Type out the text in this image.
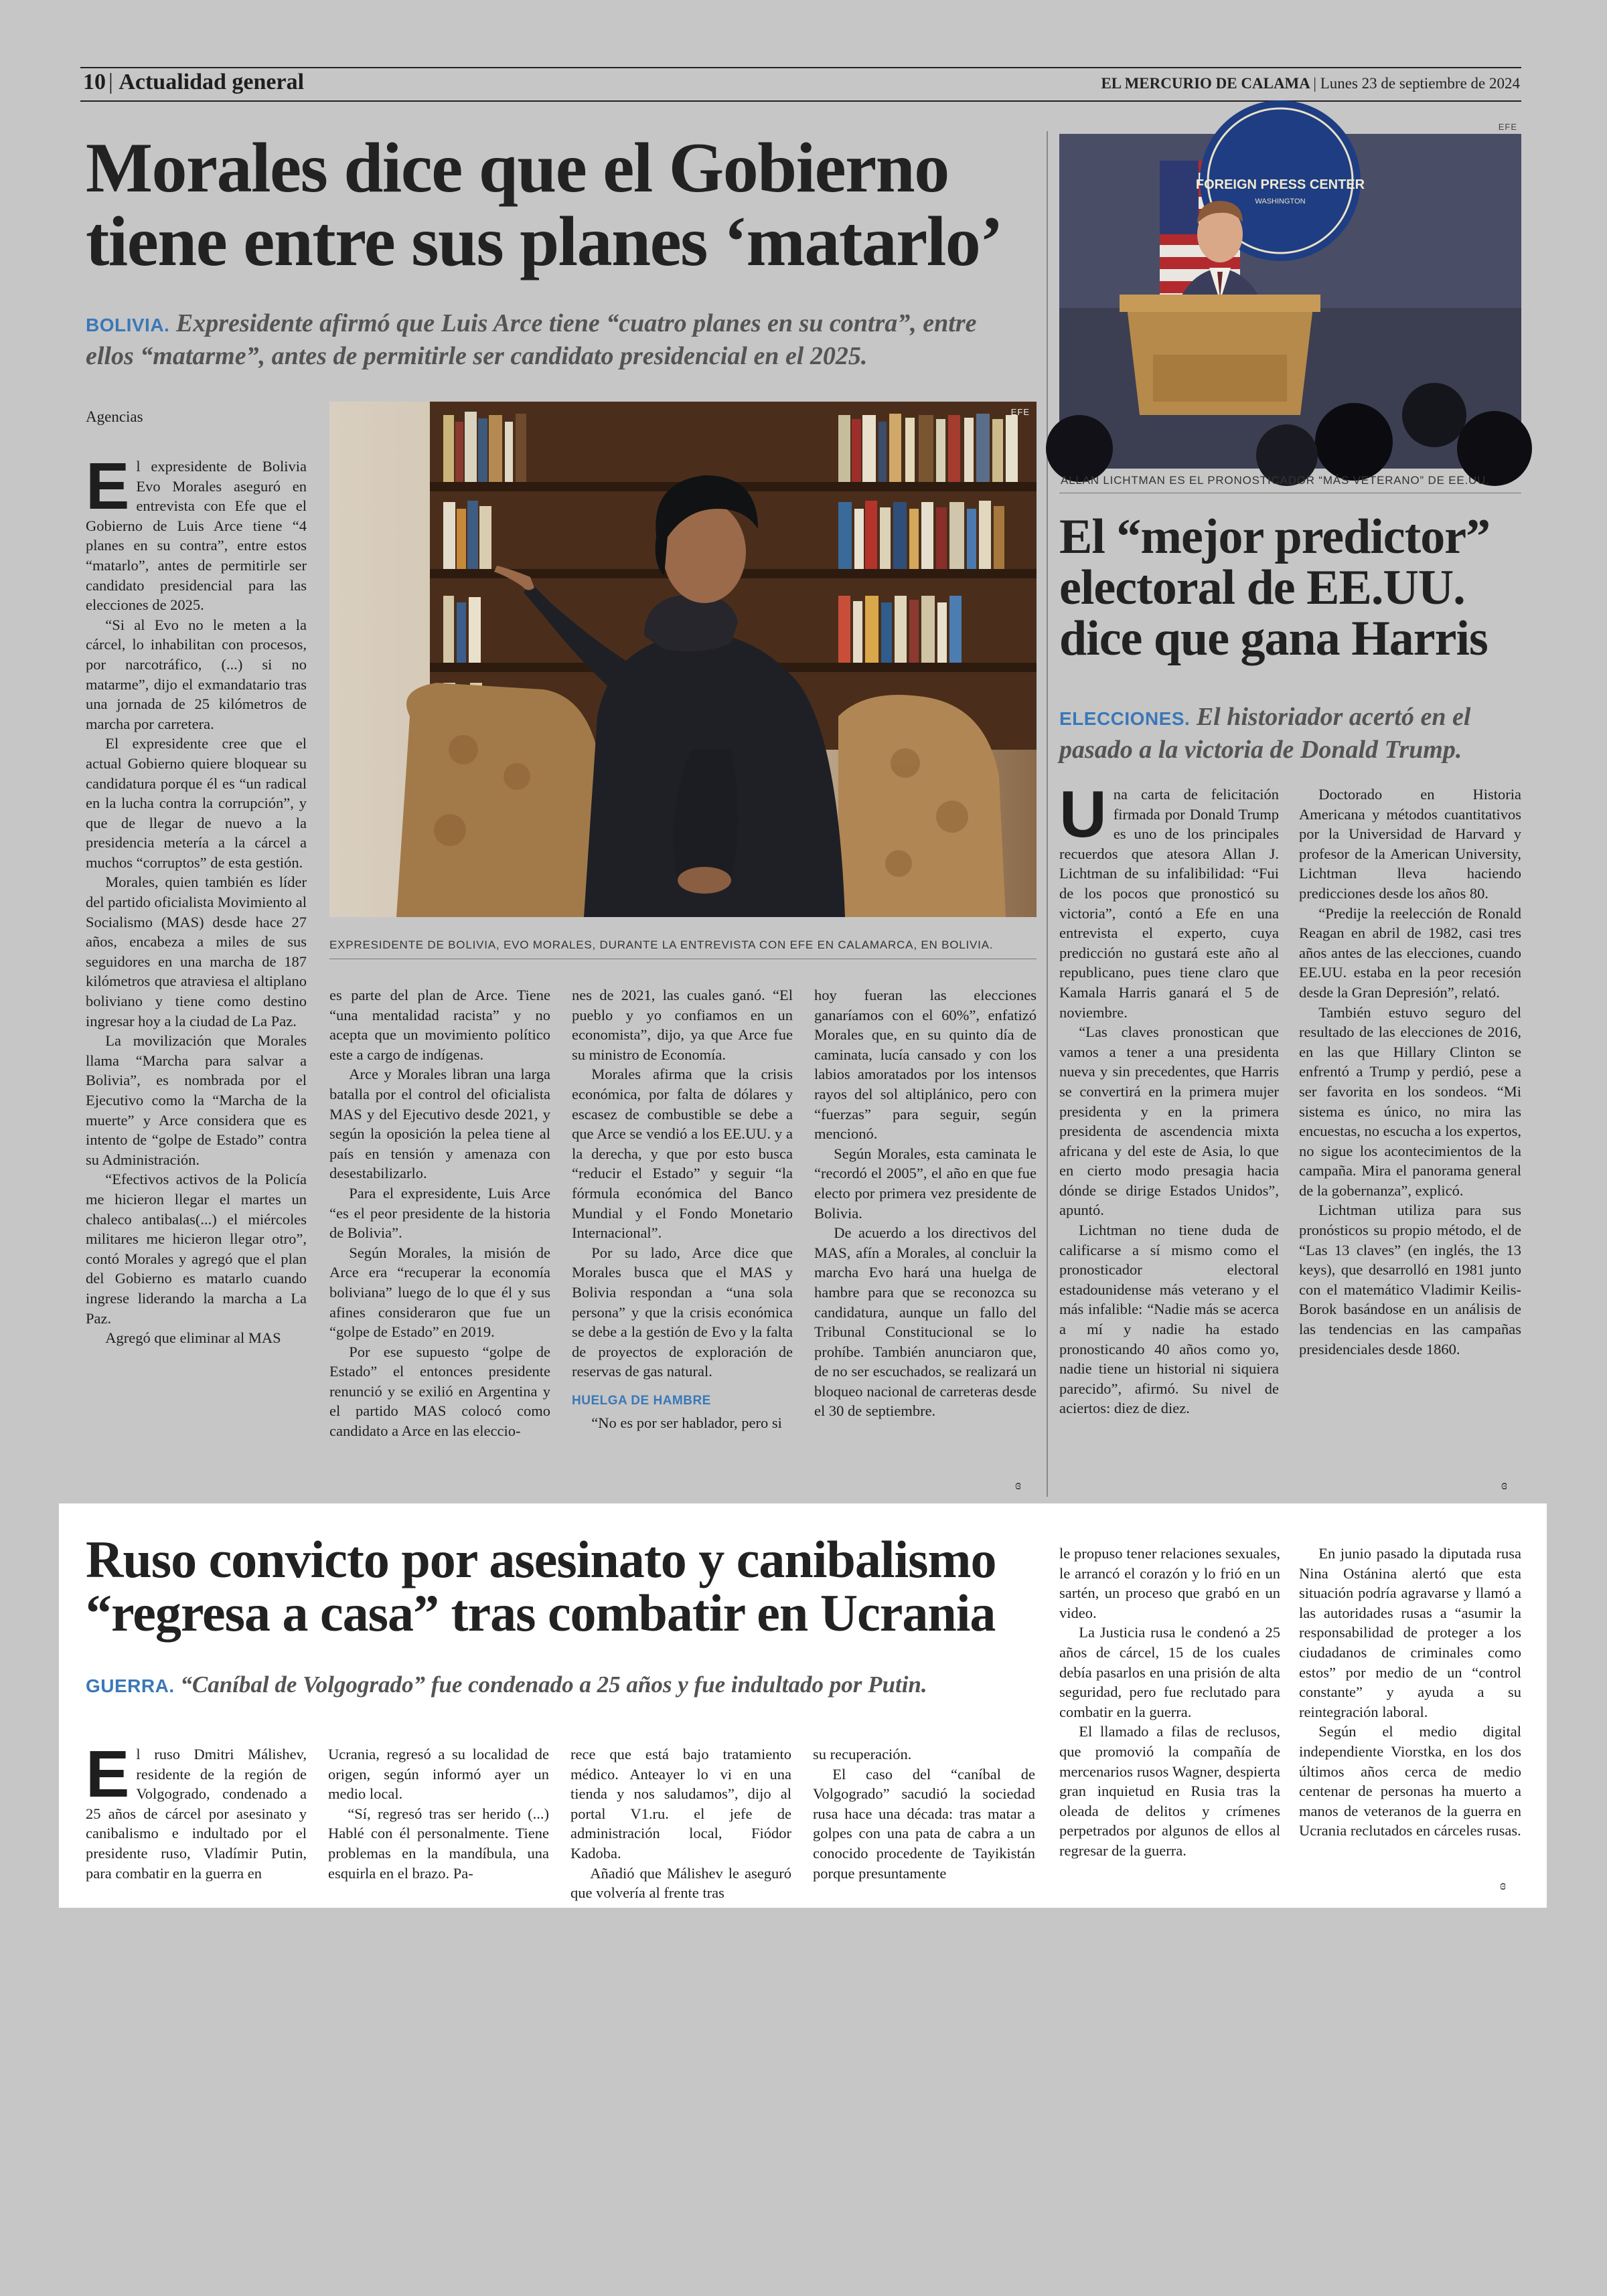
10 | Actualidad general	EL MERCURIO DE CALAMA | Lunes 23 de septiembre de 2024
Morales dice que el Gobierno
tiene entre sus planes ‘matarlo’
BOLIVIA. Expresidente afirmó que Luis Arce tiene “cuatro planes en su contra”, entre
ellos “matarme”, antes de permitirle ser candidato presidencial en el 2025.
Agencias	EFE
EXPRESIDENTE DE BOLIVIA, EVO MORALES, DURANTE LA ENTREVISTA CON EFE EN CALAMARCA, EN BOLIVIA.

El expresidente de Bolivia Evo Morales aseguró en entrevista con Efe que el Gobierno de Luis Arce tiene “4 planes en su contra”, entre estos “matarlo”, antes de permitirle ser candidato presidencial para las elecciones de 2025.

“Si al Evo no le meten a la cárcel, lo inhabilitan con procesos, por narcotráfico, (...) si no matarme”, dijo el exmandatario tras una jornada de 25 kilómetros de marcha por carretera.

El expresidente cree que el actual Gobierno quiere bloquear su candidatura porque él es “un radical en la lucha contra la corrupción”, y que de llegar de nuevo a la presidencia metería a la cárcel a muchos “corruptos” de esta gestión.

Morales, quien también es líder del partido oficialista Movimiento al Socialismo (MAS) desde hace 27 años, encabeza a miles de sus seguidores en una marcha de 187 kilómetros que atraviesa el altiplano boliviano y tiene como destino ingresar hoy a la ciudad de La Paz.

La movilización que Morales llama “Marcha para salvar a Bolivia”, es nombrada por el Ejecutivo como la “Marcha de la muerte” y Arce considera que es intento de “golpe de Estado” contra su Administración.

“Efectivos activos de la Policía me hicieron llegar el martes un chaleco antibalas(...) el miércoles militares me hicieron llegar otro”, contó Morales y agregó que el plan del Gobierno es matarlo cuando ingrese liderando la marcha a La Paz.

Agregó que eliminar al MAS

es parte del plan de Arce. Tiene “una mentalidad racista” y no acepta que un movimiento político este a cargo de indígenas.

Arce y Morales libran una larga batalla por el control del oficialista MAS y del Ejecutivo desde 2021, y según la oposición la pelea tiene al país en tensión y amenaza con desestabilizarlo.

Para el expresidente, Luis Arce “es el peor presidente de la historia de Bolivia”.

Según Morales, la misión de Arce era “recuperar la economía boliviana” luego de lo que él y sus afines consideraron que fue un “golpe de Estado” en 2019.

Por ese supuesto “golpe de Estado” el entonces presidente renunció y se exilió en Argentina y el partido MAS colocó como candidato a Arce en las eleccio-

nes de 2021, las cuales ganó. “El pueblo y yo confiamos en un economista”, dijo, ya que Arce fue su ministro de Economía.

Morales afirma que la crisis económica, por falta de dólares y escasez de combustible se debe a que Arce se vendió a los EE.UU. y a la derecha, y que por esto busca “reducir el Estado” y seguir “la fórmula económica del Banco Mundial y el Fondo Monetario Internacional”.

Por su lado, Arce dice que Morales busca que el MAS y Bolivia respondan a “una sola persona” y que la crisis económica se debe a la gestión de Evo y la falta de proyectos de exploración de reservas de gas natural.

HUELGA DE HAMBRE

“No es por ser hablador, pero si

hoy fueran las elecciones ganaríamos con el 60%”, enfatizó Morales que, en su quinto día de caminata, lucía cansado y con los labios amoratados por los intensos rayos del sol altiplánico, pero con “fuerzas” para seguir, según mencionó.

Según Morales, esta caminata le “recordó el 2005”, el año en que fue electo por primera vez presidente de Bolivia.

De acuerdo a los directivos del MAS, afín a Morales, al concluir la marcha Evo hará una huelga de hambre para que se reconozca su candidatura, aunque un fallo del Tribunal Constitucional se lo prohíbe. También anunciaron que, de no ser escuchados, se realizará un bloqueo nacional de carreteras desde el 30 de septiembre.

ɞ
FOREIGN PRESS CENTER
WASHINGTON
EFE
ALLAN LICHTMAN ES EL PRONOSTICADOR “MÁS VETERANO” DE EE.UU.
El “mejor predictor”
electoral de EE.UU.
dice que gana Harris
ELECCIONES. El historiador acertó en el
pasado a la victoria de Donald Trump.

Una carta de felicitación firmada por Donald Trump es uno de los principales recuerdos que atesora Allan J. Lichtman de su infalibilidad: “Fui de los pocos que pronosticó su victoria”, contó a Efe en una entrevista el experto, cuya predicción no gustará este año al republicano, pues tiene claro que Kamala Harris ganará el 5 de noviembre.

“Las claves pronostican que vamos a tener a una presidenta nueva y sin precedentes, que Harris se convertirá en la primera mujer presidenta y en la primera presidenta de ascendencia mixta africana y del este de Asia, lo que en cierto modo presagia hacia dónde se dirige Estados Unidos”, apuntó.

Lichtman no tiene duda de calificarse a sí mismo como el pronosticador electoral estadounidense más veterano y el más infalible: “Nadie más se acerca a mí y nadie ha estado pronosticando 40 años como yo, nadie tiene un historial ni siquiera parecido”, afirmó. Su nivel de aciertos: diez de diez.

Doctorado en Historia Americana y métodos cuantitativos por la Universidad de Harvard y profesor de la American University, Lichtman lleva haciendo predicciones desde los años 80.

“Predije la reelección de Ronald Reagan en abril de 1982, casi tres años antes de las elecciones, cuando EE.UU. estaba en la peor recesión desde la Gran Depresión”, relató.

También estuvo seguro del resultado de las elecciones de 2016, en las que Hillary Clinton se enfrentó a Trump y perdió, pese a ser favorita en los sondeos. “Mi sistema es único, no mira las encuestas, no escucha a los expertos, no sigue los acontecimientos de la campaña. Mira el panorama general de la gobernanza”, explicó.

Lichtman utiliza para sus pronósticos su propio método, el de “Las 13 claves” (en inglés, the 13 keys), que desarrolló en 1981 junto con el matemático Vladimir Keilis-Borok basándose en un análisis de las tendencias en las campañas presidenciales desde 1860.

ɞ
Ruso convicto por asesinato y canibalismo
“regresa a casa” tras combatir en Ucrania
GUERRA. “Caníbal de Volgogrado” fue condenado a 25 años y fue indultado por Putin.

El ruso Dmitri Málishev, residente de la región de Volgogrado, condenado a 25 años de cárcel por asesinato y canibalismo e indultado por el presidente ruso, Vladímir Putin, para combatir en la guerra en

Ucrania, regresó a su localidad de origen, según informó ayer un medio local.

“Sí, regresó tras ser herido (...) Hablé con él personalmente. Tiene problemas en la mandíbula, una esquirla en el brazo. Pa-

rece que está bajo tratamiento médico. Anteayer lo vi en una tienda y nos saludamos”, dijo al portal V1.ru. el jefe de administración local, Fiódor Kadoba.

Añadió que Málishev le aseguró que volvería al frente tras

su recuperación.

El caso del “caníbal de Volgogrado” sacudió la sociedad rusa hace una década: tras matar a golpes con una pata de cabra a un conocido procedente de Tayikistán porque presuntamente

le propuso tener relaciones sexuales, le arrancó el corazón y lo frió en un sartén, un proceso que grabó en un video.

La Justicia rusa le condenó a 25 años de cárcel, 15 de los cuales debía pasarlos en una prisión de alta seguridad, pero fue reclutado para combatir en la guerra.

El llamado a filas de reclusos, que promovió la compañía de mercenarios rusos Wagner, despierta gran inquietud en Rusia tras la oleada de delitos y crímenes perpetrados por algunos de ellos al regresar de la guerra.

En junio pasado la diputada rusa Nina Ostánina alertó que esta situación podría agravarse y llamó a las autoridades rusas a “asumir la responsabilidad de proteger a los ciudadanos de criminales como estos” por medio de un “control constante” y ayuda a su reintegración laboral.

Según el medio digital independiente Viorstka, en los dos últimos años cerca de medio centenar de personas ha muerto a manos de veteranos de la guerra en Ucrania reclutados en cárceles rusas.

ɞ
